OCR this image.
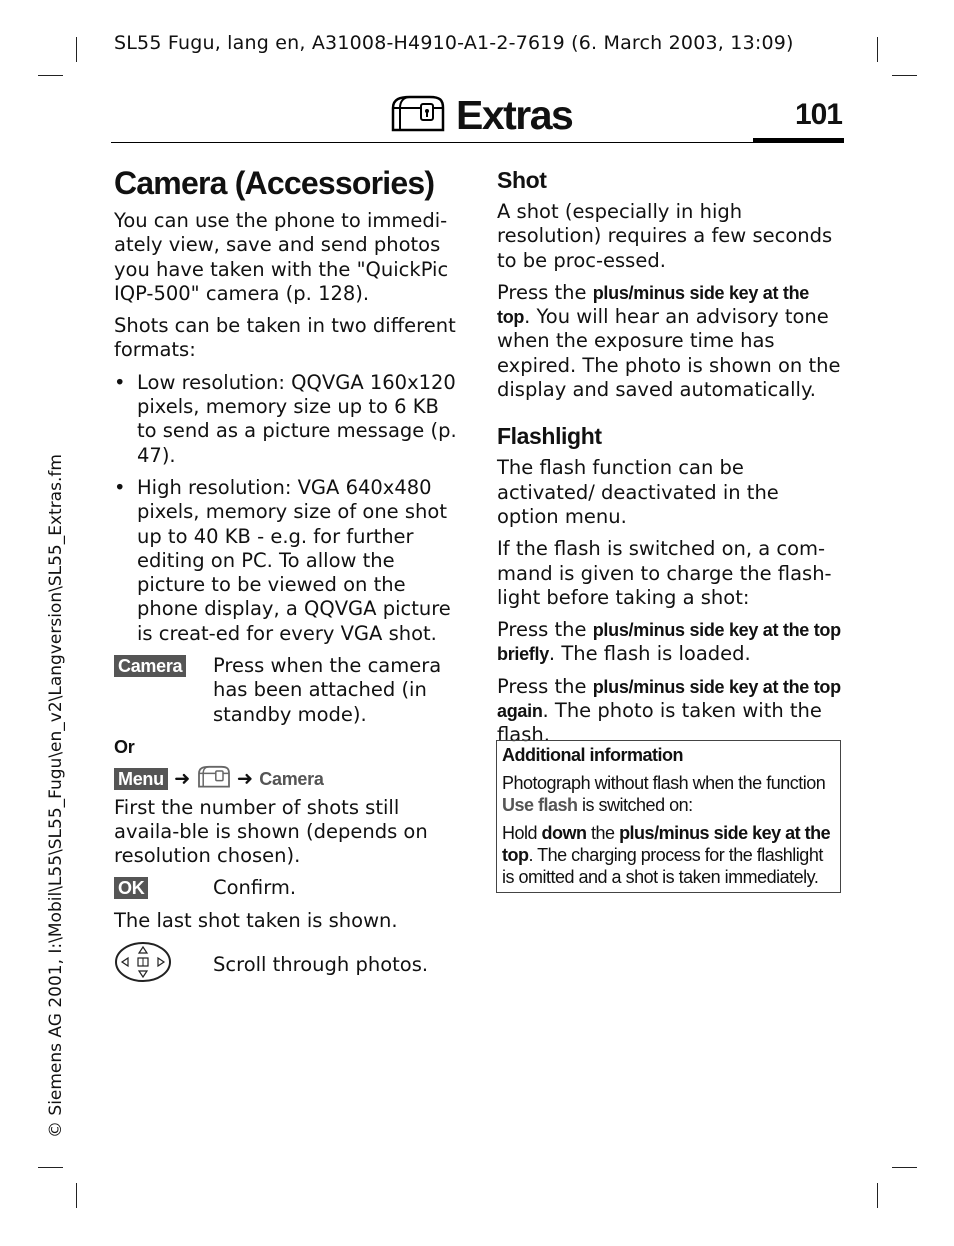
SL55 Fugu, lang en, A31008-H4910-A1-2-7619 (6. March 2003, 13:09)
© Siemens AG 2001, I:\Mobil\L55\SL55_Fugu\en_v2\Langversion\SL55_Extras.fm
Extras	101
Camera (Accessories)

You can use the phone to immedi-ately view, save and send photos you have taken with the "QuickPic IQP-500" camera (p. 128).

Shots can be taken in two different formats:

• Low resolution: QQVGA 160x120 pixels, memory size up to 6 KB to send as a picture message (p. 47).
• High resolution: VGA 640x480 pixels, memory size of one shot up to 40 KB - e.g. for further editing on PC. To allow the picture to be viewed on the phone display, a QQVGA picture is creat-ed for every VGA shot.
Camera	Press when the camera has been attached (in standby mode).

Or

Menu ➜ ➜ Camera

First the number of shots still availa-ble is shown (depends on resolution chosen).

OK	Confirm.

The last shot taken is shown.

Scroll through photos.
Shot

A shot (especially in high resolution) requires a few seconds to be proc-essed.

Press the plus/minus side key at the top. You will hear an advisory tone when the exposure time has expired. The photo is shown on the display and saved automatically.

Flashlight

The flash function can be activated/ deactivated in the option menu.

If the flash is switched on, a com-mand is given to charge the flash-light before taking a shot:

Press the plus/minus side key at the top briefly. The flash is loaded.

Press the plus/minus side key at the top again. The photo is taken with the flash.

Additional information

Photograph without flash when the function Use flash is switched on:

Hold down the plus/minus side key at the top. The charging process for the flashlight is omitted and a shot is taken immediately.
